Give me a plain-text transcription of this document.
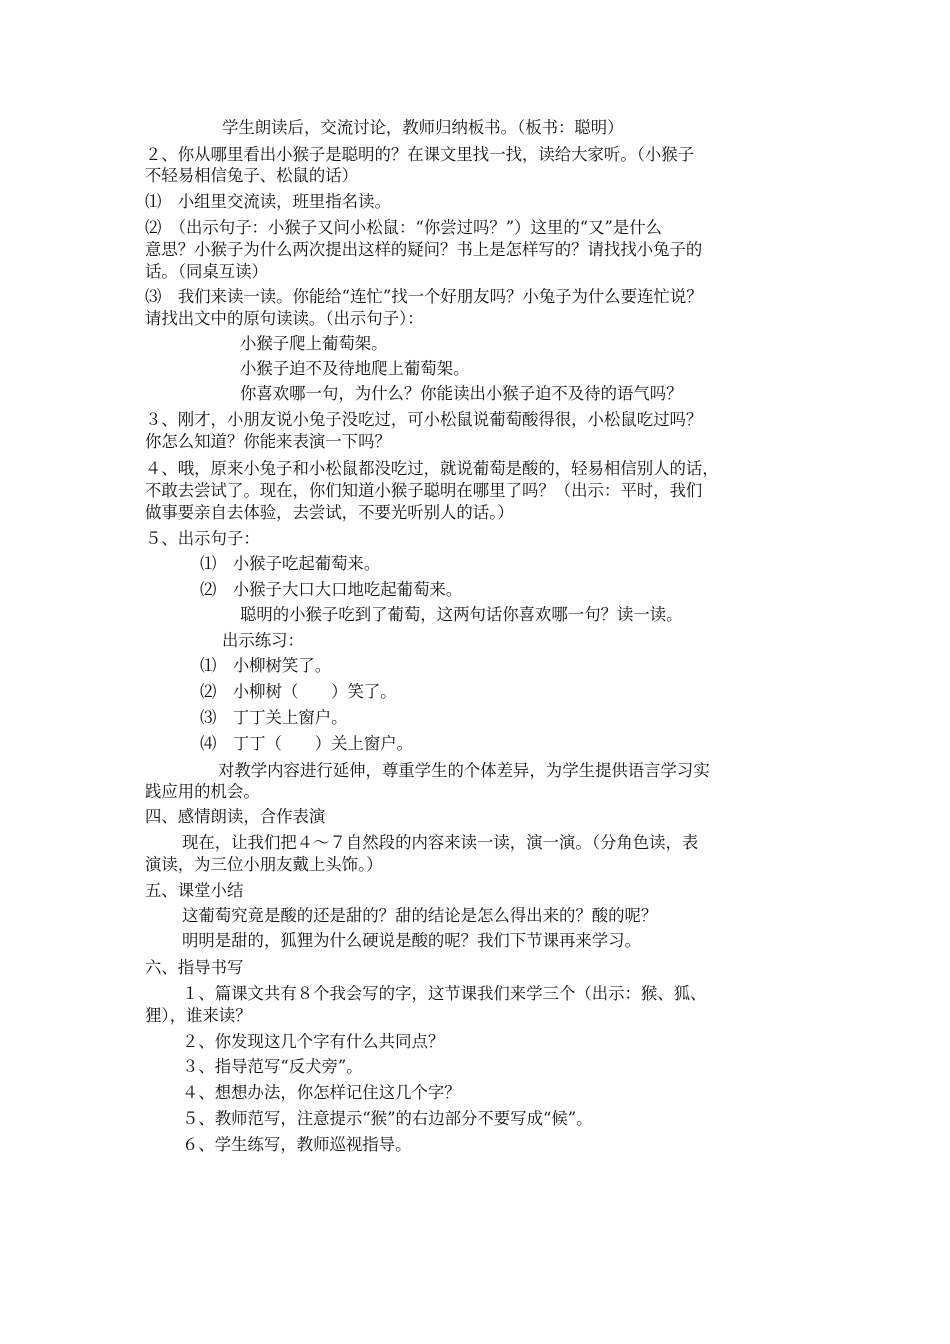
学生朗读后，交流讨论，教师归纳板书。（板书：聪明）
２、你从哪里看出小猴子是聪明的？在课文里找一找，读给大家听。（小猴子
不轻易相信兔子、松鼠的话）
⑴　小组里交流读，班里指名读。
⑵　（出示句子：小猴子又问小松鼠：“你尝过吗？”）这里的“又”是什么
意思？小猴子为什么两次提出这样的疑问？书上是怎样写的？请找找小兔子的
话。（同桌互读）
⑶　我们来读一读。你能给“连忙”找一个好朋友吗？小兔子为什么要连忙说？
请找出文中的原句读读。（出示句子）：
小猴子爬上葡萄架。
小猴子迫不及待地爬上葡萄架。
你喜欢哪一句，为什么？你能读出小猴子迫不及待的语气吗？
３、刚才，小朋友说小兔子没吃过，可小松鼠说葡萄酸得很，小松鼠吃过吗？
你怎么知道？你能来表演一下吗？
４、哦，原来小兔子和小松鼠都没吃过，就说葡萄是酸的，轻易相信别人的话，
不敢去尝试了。现在，你们知道小猴子聪明在哪里了吗？（出示：平时，我们
做事要亲自去体验，去尝试，不要光听别人的话。）
５、出示句子：
⑴　小猴子吃起葡萄来。
⑵　小猴子大口大口地吃起葡萄来。
聪明的小猴子吃到了葡萄，这两句话你喜欢哪一句？读一读。
出示练习：
⑴　小柳树笑了。
⑵　小柳树（　　）笑了。
⑶　丁丁关上窗户。
⑷　丁丁（　　）关上窗户。
对教学内容进行延伸，尊重学生的个体差异，为学生提供语言学习实
践应用的机会。
四、感情朗读，合作表演
现在，让我们把４～７自然段的内容来读一读，演一演。（分角色读，表
演读，为三位小朋友戴上头饰。）
五、课堂小结
这葡萄究竟是酸的还是甜的？甜的结论是怎么得出来的？酸的呢？
明明是甜的，狐狸为什么硬说是酸的呢？我们下节课再来学习。
六、指导书写
１、篇课文共有８个我会写的字，这节课我们来学三个（出示：猴、狐、
狸），谁来读？
２、你发现这几个字有什么共同点？
３、指导范写“反犬旁”。
４、想想办法，你怎样记住这几个字？
５、教师范写，注意提示“猴”的右边部分不要写成“候”。
６、学生练写，教师巡视指导。
